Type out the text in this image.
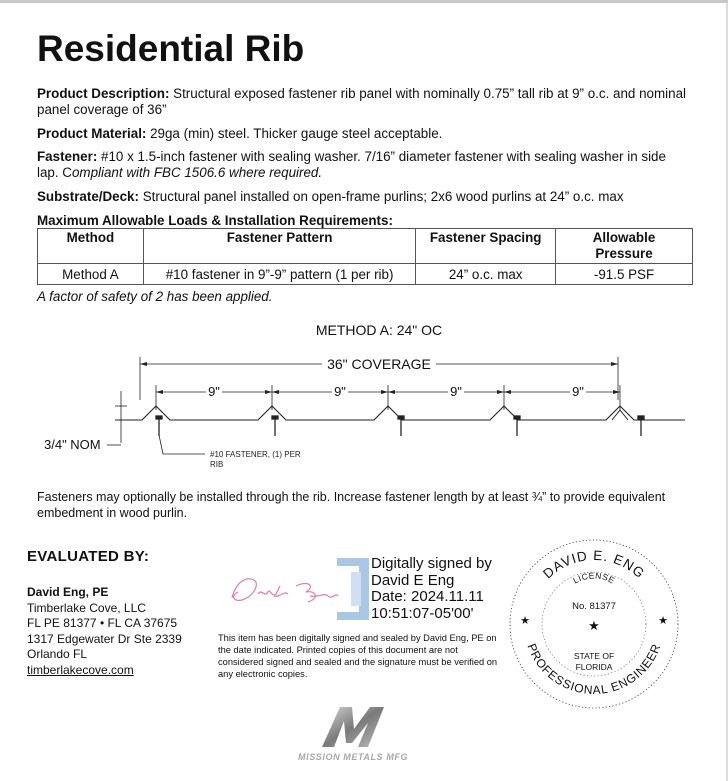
Residential Rib
Product Description: Structural exposed fastener rib panel with nominally 0.75” tall rib at 9” o.c. and nominal panel coverage of 36”
Product Material: 29ga (min) steel. Thicker gauge steel acceptable.
Fastener: #10 x 1.5-inch fastener with sealing washer. 7/16” diameter fastener with sealing washer in side lap. Compliant with FBC 1506.6 where required.
Substrate/Deck: Structural panel installed on open-frame purlins; 2x6 wood purlins at 24” o.c. max
Maximum Allowable Loads & Installation Requirements:
Method	Fastener Pattern	Fastener Spacing	Allowable Pressure
Method A	#10 fastener in 9”-9” pattern (1 per rib)	24” o.c. max	-91.5 PSF
A factor of safety of 2 has been applied.
METHOD A: 24" OC
36" COVERAGE
9"	9"	9"	9"
3/4" NOM
#10 FASTENER, (1) PER
RIB
Fasteners may optionally be installed through the rib. Increase fastener length by at least ¾” to provide equivalent embedment in wood purlin.
EVALUATED BY:
David Eng, PE
Timberlake Cove, LLC
FL PE 81377 • FL CA 37675
1317 Edgewater Dr Ste 2339
Orlando FL
timberlakecove.com
Digitally signed by
David E Eng
Date: 2024.11.11
10:51:07-05'00'
This item has been digitally signed and sealed by David Eng, PE on the date indicated. Printed copies of this document are not considered signed and sealed and the signature must be verified on any electronic copies.
DAVID E. ENG
LICENSE
No. 81377
★
★	★
STATE OF
FLORIDA
PROFESSIONAL ENGINEER
MISSION METALS MFG
